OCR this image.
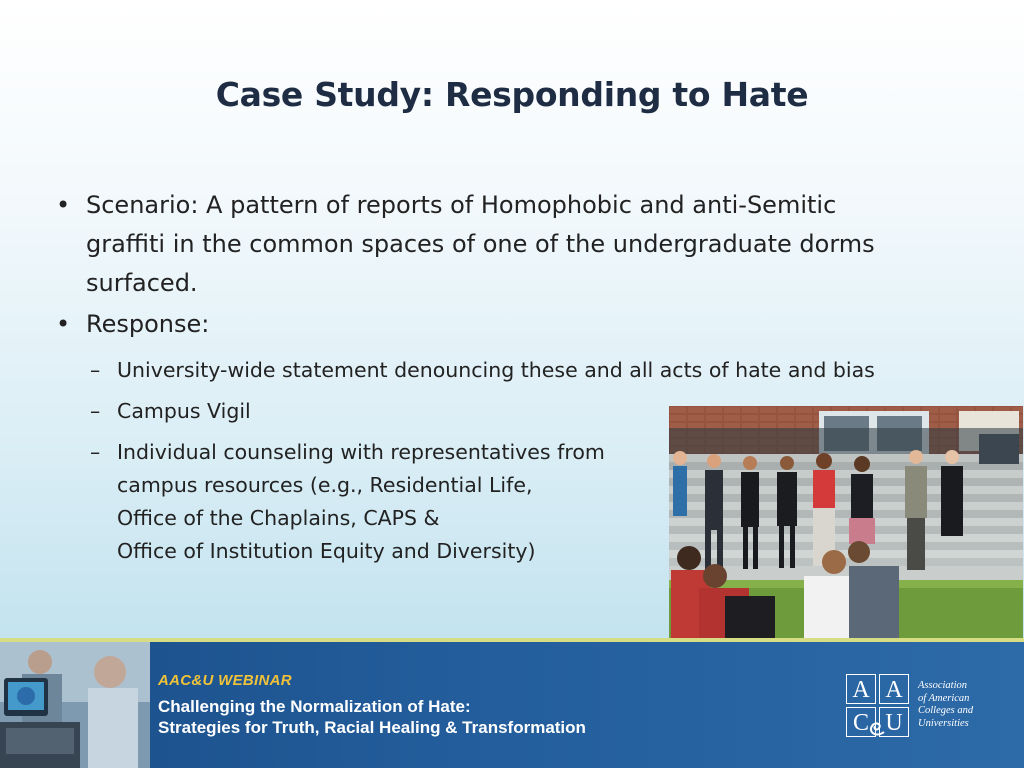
Case Study: Responding to Hate
• Scenario: A pattern of reports of Homophobic and anti-Semitic
graffiti in the common spaces of one of the undergraduate dorms
surfaced.
• Response:
– University-wide statement denouncing these and all acts of hate and bias
– Campus Vigil
– Individual counseling with representatives from
campus resources (e.g., Residential Life,
Office of the Chaplains, CAPS &
Office of Institution Equity and Diversity)
AAC&U WEBINAR
Challenging the Normalization of Hate:
Strategies for Truth, Racial Healing & Transformation
A A
C U
Association
of American
Colleges and
Universities
